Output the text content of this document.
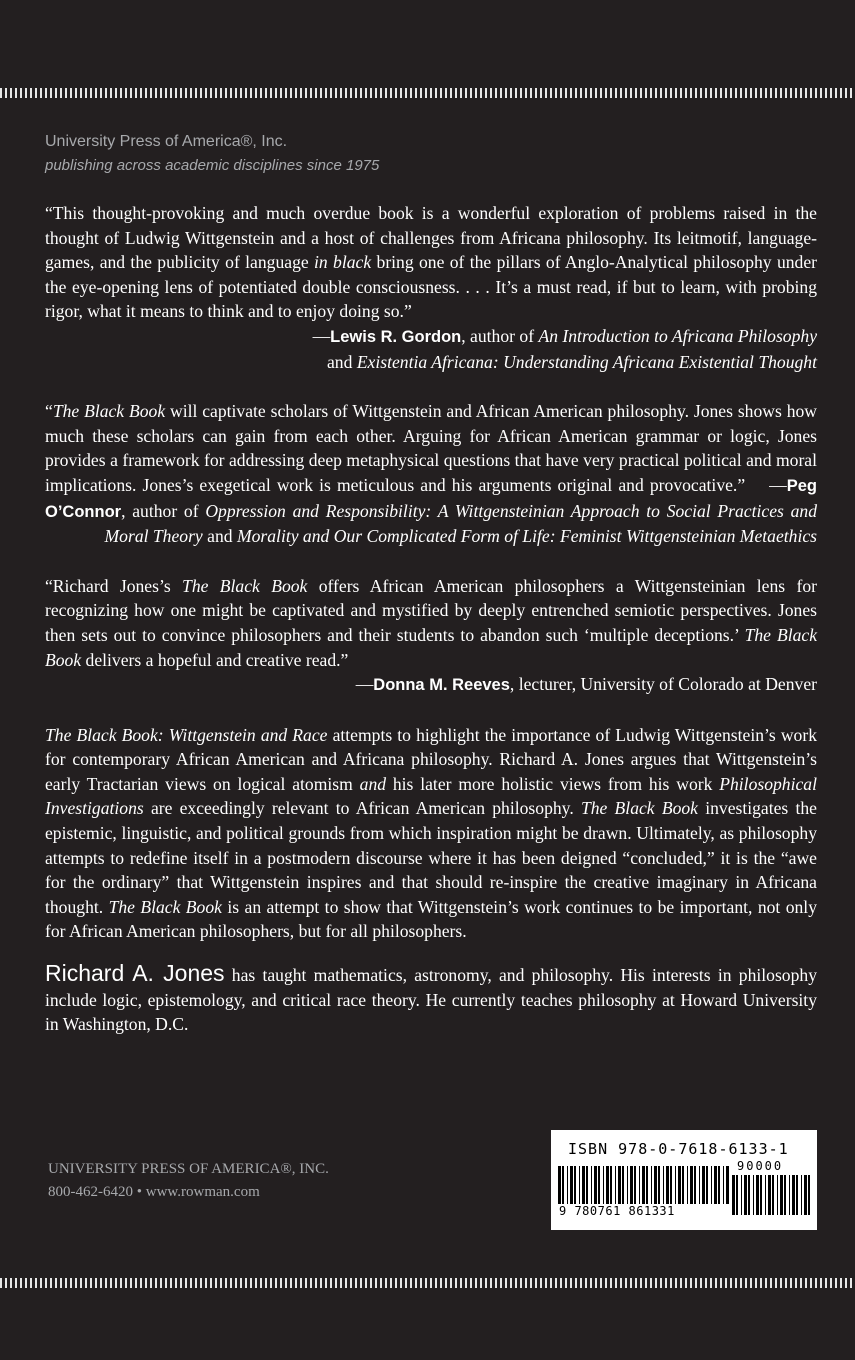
University Press of America®, Inc.
publishing across academic disciplines since 1975

“This thought-provoking and much overdue book is a wonderful exploration of problems raised in the thought of Ludwig Wittgenstein and a host of challenges from Africana philosophy. Its leitmotif, language-games, and the publicity of language in black bring one of the pillars of Anglo-Analytical philosophy under the eye-opening lens of potentiated double consciousness. . . . It’s a must read, if but to learn, with probing rigor, what it means to think and to enjoy doing so.”

—Lewis R. Gordon, author of An Introduction to Africana Philosophy
and Existentia Africana: Understanding Africana Existential Thought

“The Black Book will captivate scholars of Wittgenstein and African American philosophy. Jones shows how much these scholars can gain from each other. Arguing for African American grammar or logic, Jones provides a framework for addressing deep metaphysical questions that have very practical political and moral implications. Jones’s exegetical work is meticulous and his arguments original and provocative.” —Peg O’Connor, author of Oppression and Responsibility: A Wittgensteinian Approach to Social Practices and Moral Theory and Morality and Our Complicated Form of Life: Feminist Wittgensteinian Metaethics

“Richard Jones’s The Black Book offers African American philosophers a Wittgensteinian lens for recognizing how one might be captivated and mystified by deeply entrenched semiotic perspectives. Jones then sets out to convince philosophers and their students to abandon such ‘multiple deceptions.’ The Black Book delivers a hopeful and creative read.”

—Donna M. Reeves, lecturer, University of Colorado at Denver

The Black Book: Wittgenstein and Race attempts to highlight the importance of Ludwig Wittgenstein’s work for contemporary African American and Africana philosophy. Richard A. Jones argues that Wittgenstein’s early Tractarian views on logical atomism and his later more holistic views from his work Philosophical Investigations are exceedingly relevant to African American philosophy. The Black Book investigates the epistemic, linguistic, and political grounds from which inspiration might be drawn. Ultimately, as philosophy attempts to redefine itself in a postmodern discourse where it has been deigned “concluded,” it is the “awe for the ordinary” that Wittgenstein inspires and that should re-inspire the creative imaginary in Africana thought. The Black Book is an attempt to show that Wittgenstein’s work continues to be important, not only for African American philosophers, but for all philosophers.

Richard A. Jones has taught mathematics, astronomy, and philosophy. His interests in philosophy include logic, epistemology, and critical race theory. He currently teaches philosophy at Howard University in Washington, D.C.

UNIVERSITY PRESS OF AMERICA®, INC.
800-462-6420 • www.rowman.com
ISBN 978-0-7618-6133-1
90000
9 780761 861331
